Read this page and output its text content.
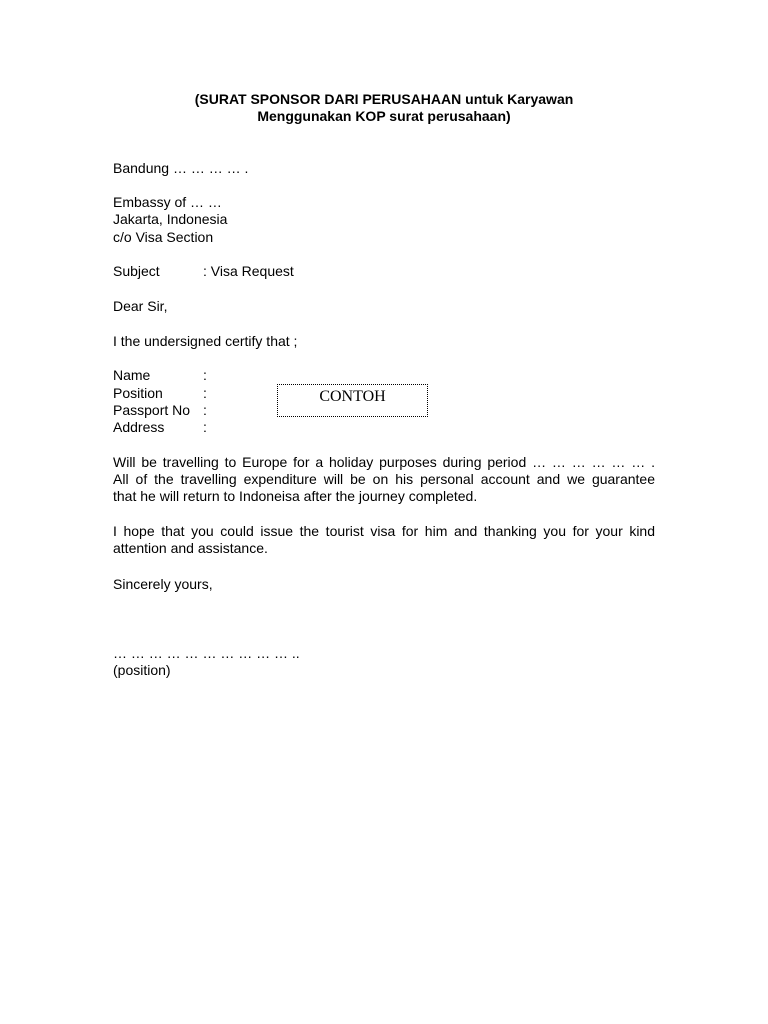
(SURAT SPONSOR DARI PERUSAHAAN untuk Karyawan
Menggunakan KOP surat perusahaan)
Bandung … … … … .
Embassy of … …
Jakarta, Indonesia
c/o Visa Section
Subject	: Visa Request
Dear Sir,
I the undersigned certify that ;
Name	:
Position	:
Passport No :
Address	:
CONTOH
Will be travelling to Europe for a holiday purposes during period … … … … … … .
All of the travelling expenditure will be on his personal account and we guarantee
that he will return to Indoneisa after the journey completed.
I hope that you could issue the tourist visa for him and thanking you for your kind
attention and assistance.
Sincerely yours,
… … … … … … … … … … ..
(position)
